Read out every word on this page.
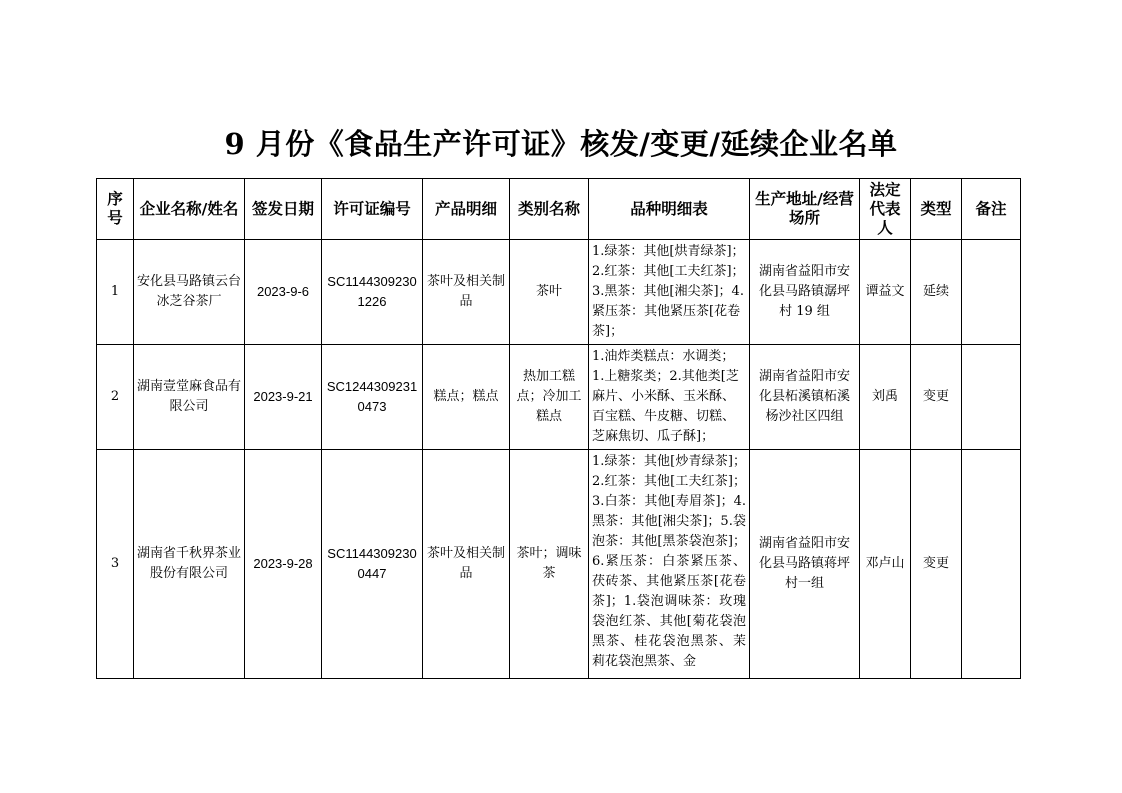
9 月份《食品生产许可证》核发/变更/延续企业名单
序号	企业名称/姓名	签发日期	许可证编号	产品明细	类别名称	品种明细表	生产地址/经营场所	法定代表人	类型	备注
1	安化县马路镇云台冰芝谷茶厂	2023-9-6	SC11443092301226	茶叶及相关制品	茶叶	1.绿茶：其他[烘青绿茶]；2.红茶：其他[工夫红茶]；3.黑茶：其他[湘尖茶]；4.紧压茶：其他紧压茶[花卷茶]；	湖南省益阳市安化县马路镇潺坪村 19 组	谭益文	延续	
2	湖南壹堂麻食品有限公司	2023-9-21	SC12443092310473	糕点；糕点	热加工糕点；冷加工糕点	1.油炸类糕点：水调类；1.上糖浆类；2.其他类[芝麻片、小米酥、玉米酥、百宝糕、牛皮糖、切糕、芝麻焦切、瓜子酥]；	湖南省益阳市安化县柘溪镇柘溪杨沙社区四组	刘禹	变更	
3	湖南省千秋界茶业股份有限公司	2023-9-28	SC11443092300447	茶叶及相关制品	茶叶；调味茶	1.绿茶：其他[炒青绿茶]；2.红茶：其他[工夫红茶]；3.白茶：其他[寿眉茶]；4.黑茶：其他[湘尖茶]；5.袋泡茶：其他[黑茶袋泡茶]；6.紧压茶：白茶紧压茶、茯砖茶、其他紧压茶[花卷茶]；1.袋泡调味茶：玫瑰袋泡红茶、其他[菊花袋泡黑茶、桂花袋泡黑茶、茉莉花袋泡黑茶、金	湖南省益阳市安化县马路镇蒋坪村一组	邓卢山	变更	
